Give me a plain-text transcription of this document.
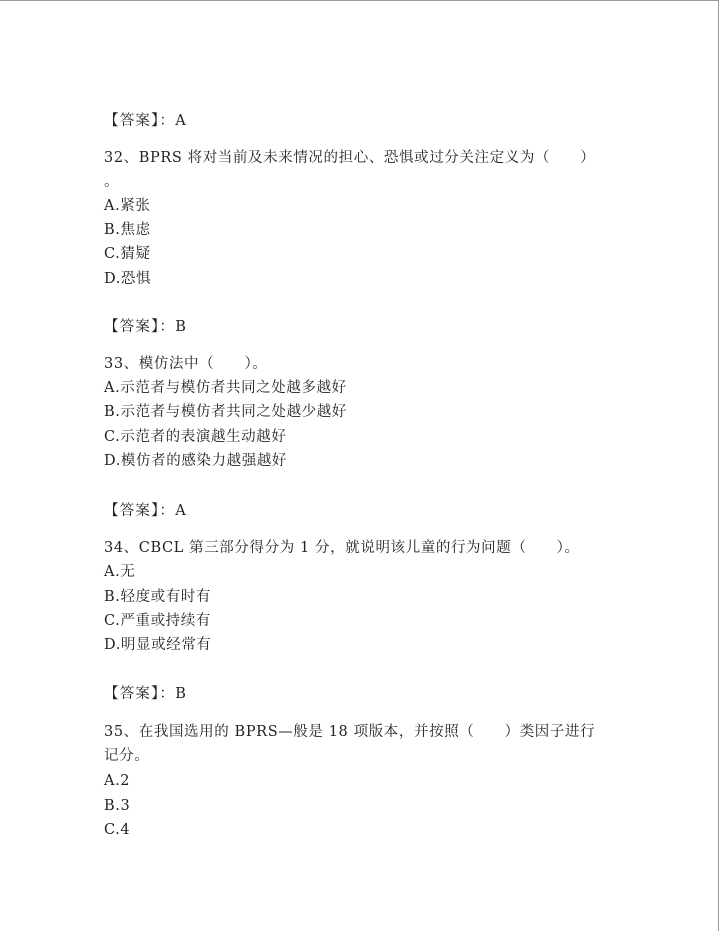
【答案】：A
32、BPRS 将对当前及未来情况的担心、恐惧或过分关注定义为（　　）
。
A.紧张
B.焦虑
C.猜疑
D.恐惧
【答案】：B
33、模仿法中（　　）。
A.示范者与模仿者共同之处越多越好
B.示范者与模仿者共同之处越少越好
C.示范者的表演越生动越好
D.模仿者的感染力越强越好
【答案】：A
34、CBCL 第三部分得分为 1 分，就说明该儿童的行为问题（　　）。
A.无
B.轻度或有时有
C.严重或持续有
D.明显或经常有
【答案】：B
35、在我国选用的 BPRS—般是 18 项版本，并按照（　　）类因子进行
记分。
A.2
B.3
C.4
